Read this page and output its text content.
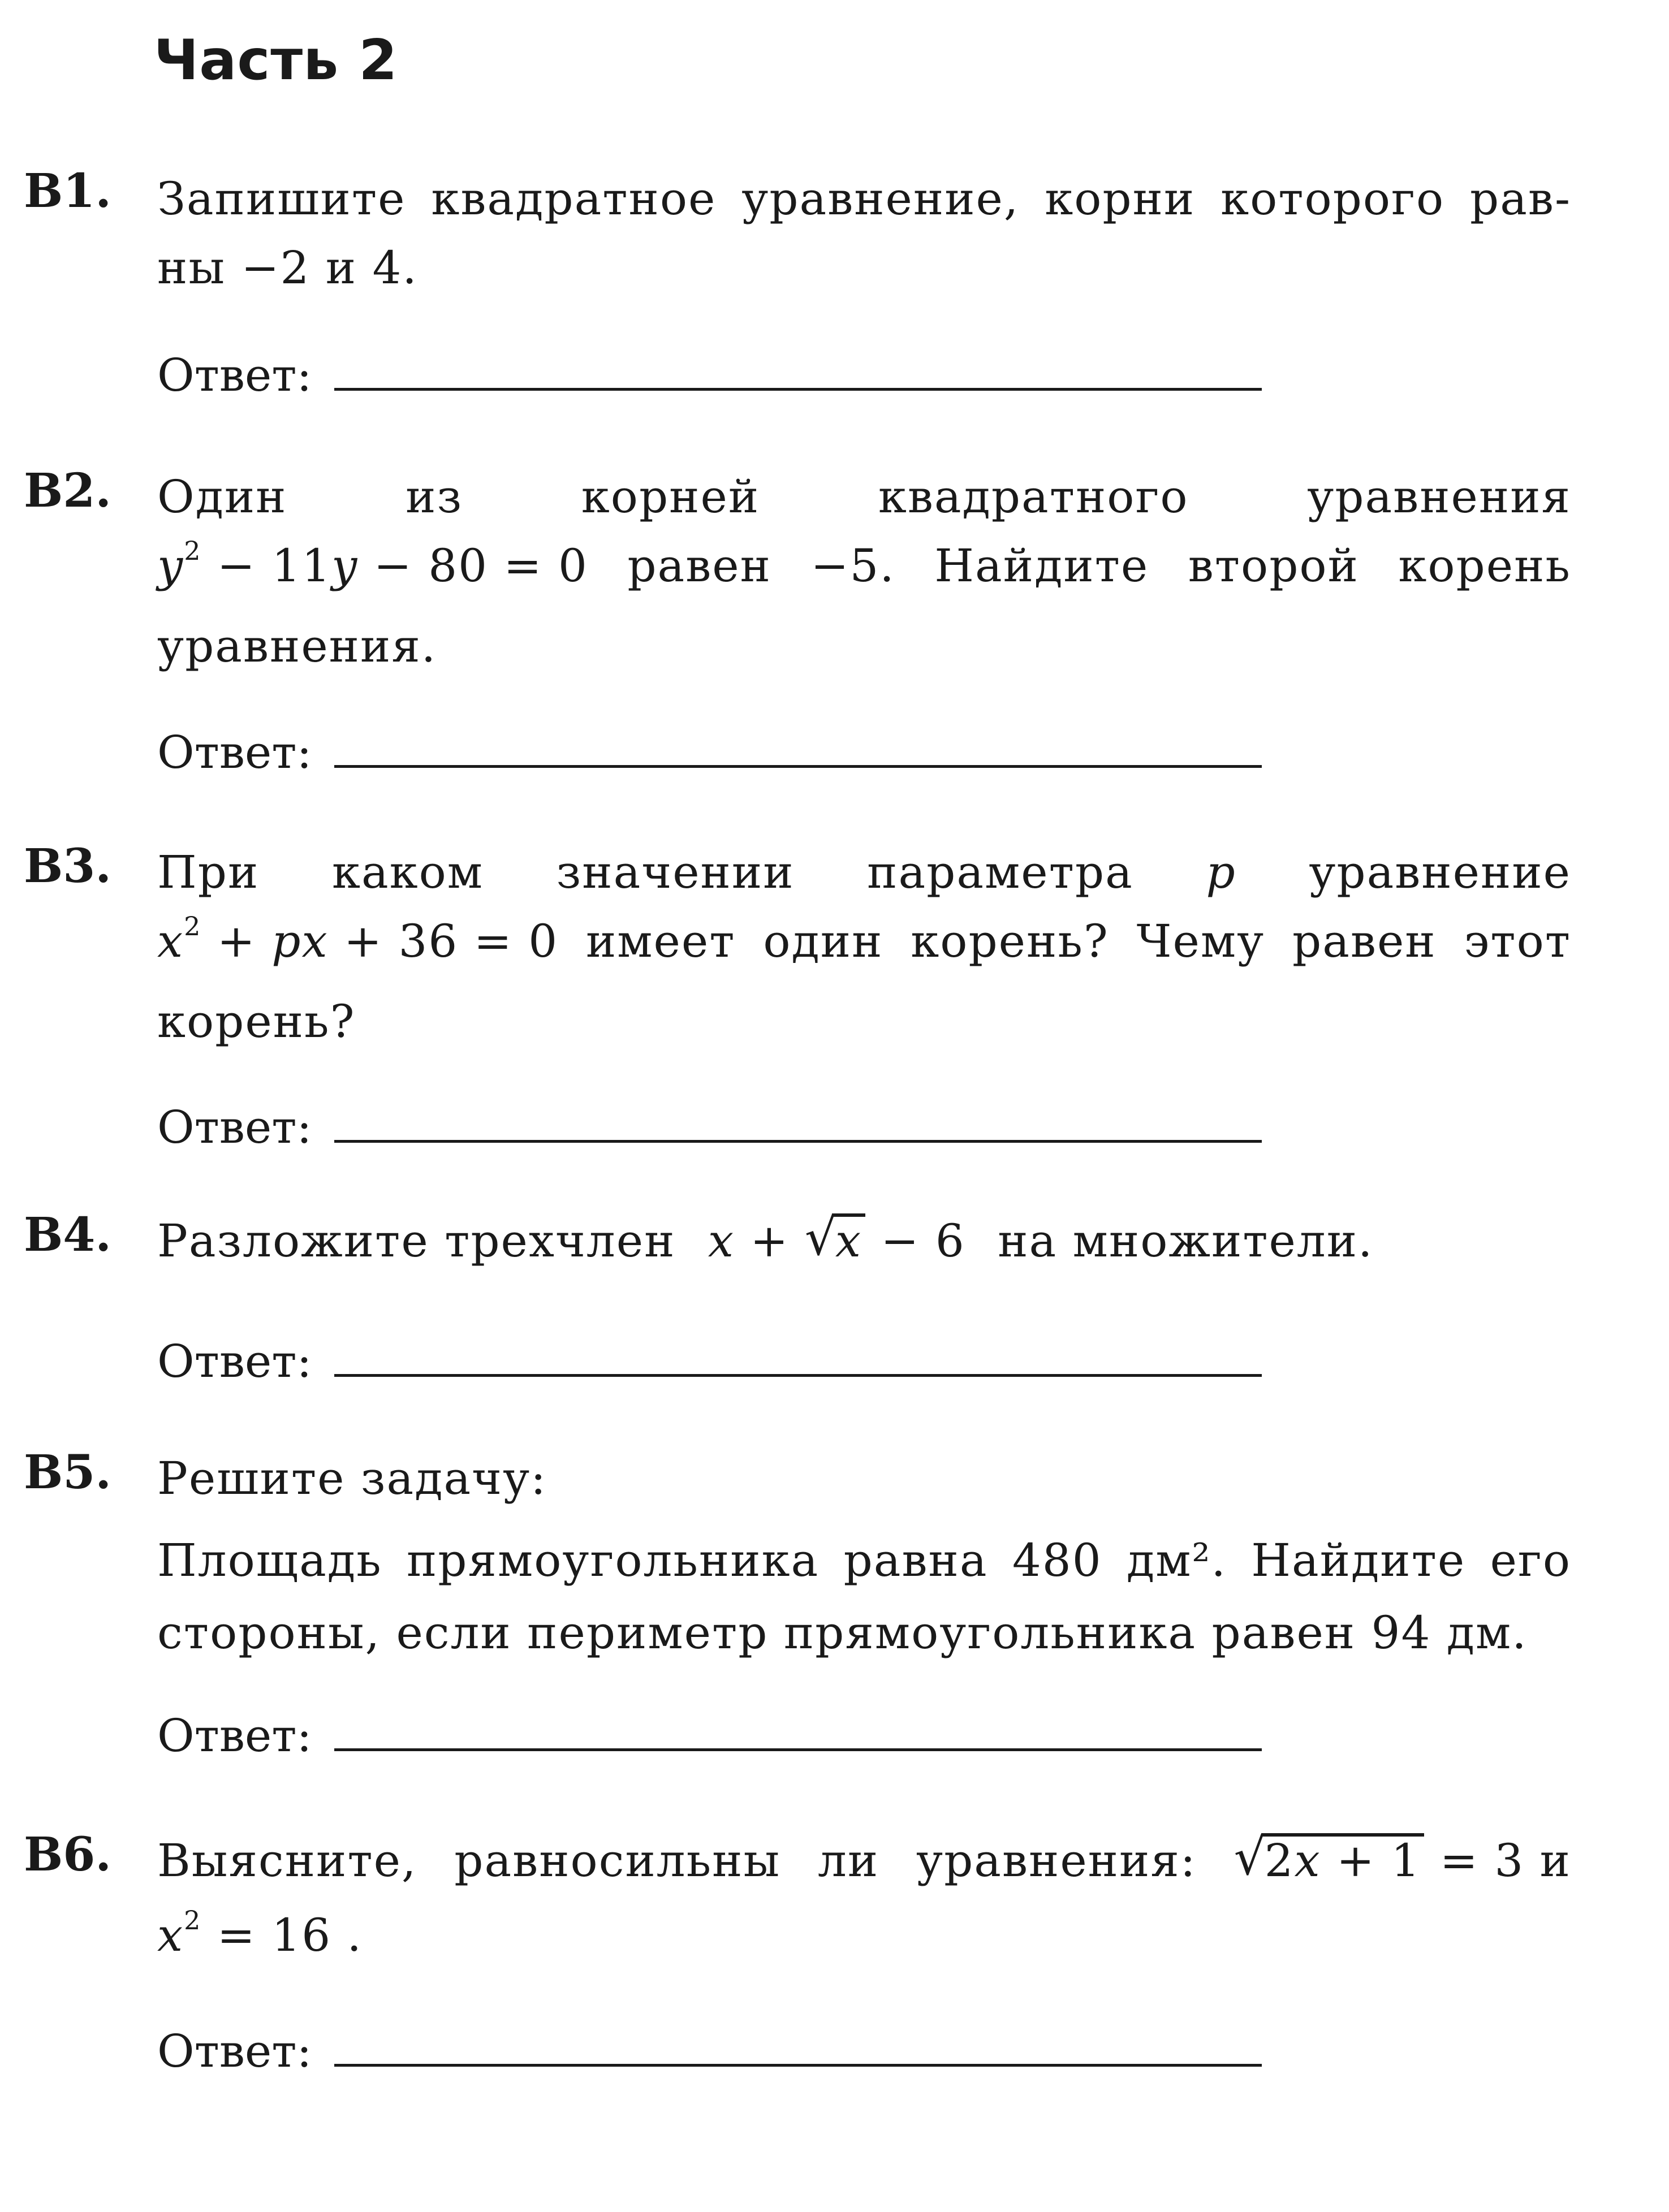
Часть 2
B1. Запишите квадратное уравнение, корни которого рав-
ны −2 и 4.
Ответ:
B2. Один	из	корней	квадратного	уравнения
$y^2 - 11y - 80 = 0$ равен −5. Найдите второй корень
уравнения.
Ответ:
B3. При каком значении параметра p уравнение
$x^2$ + px + 36 = 0 имеет один корень? Чему равен этот
корень?
Ответ:
B4. Разложите трехчлен x + √
x − 6 на множители.
Ответ:
B5. Решите задачу:
Площадь прямоугольника равна 480 дм². Найдите его стороны, если периметр прямоугольника равен 94 дм.
Ответ:
B6. Выясните, равносильны ли уравнения: √
2x + 1 = 3 и
$x^2 = 16$ .
Ответ:
